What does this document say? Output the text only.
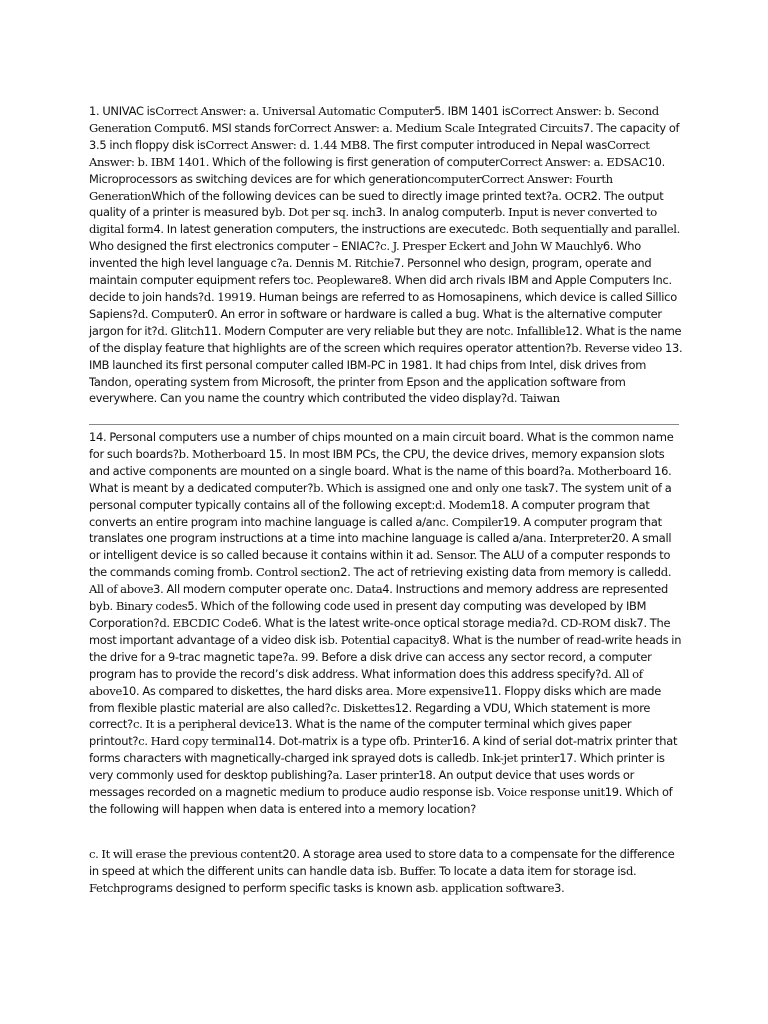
1. UNIVAC isCorrect Answer: a. Universal Automatic Computer5. IBM 1401 isCorrect Answer: b. Second Generation Comput6. MSI stands forCorrect Answer: a. Medium Scale Integrated Circuits7. The capacity of 3.5 inch floppy disk isCorrect Answer: d. 1.44 MB8. The first computer introduced in Nepal wasCorrect Answer: b. IBM 1401. Which of the following is first generation of computerCorrect Answer: a. EDSAC10. Microprocessors as switching devices are for which generationcomputerCorrect Answer: Fourth GenerationWhich of the following devices can be sued to directly image printed text?a. OCR2. The output quality of a printer is measured byb. Dot per sq. inch3. In analog computerb. Input is never converted to digital form4. In latest generation computers, the instructions are executedc. Both sequentially and parallel. Who designed the first electronics computer – ENIAC?c. J. Presper Eckert and John W Mauchly6. Who invented the high level language c?a. Dennis M. Ritchie7. Personnel who design, program, operate and maintain computer equipment refers toc. Peopleware8. When did arch rivals IBM and Apple Computers Inc. decide to join hands?d. 19919. Human beings are referred to as Homosapinens, which device is called Sillico Sapiens?d. Computer0. An error in software or hardware is called a bug. What is the alternative computer jargon for it?d. Glitch11. Modern Computer are very reliable but they are notc. Infallible12. What is the name of the display feature that highlights are of the screen which requires operator attention?b. Reverse video 13. IMB launched its first personal computer called IBM-PC in 1981. It had chips from Intel, disk drives from Tandon, operating system from Microsoft, the printer from Epson and the application software from everywhere. Can you name the country which contributed the video display?d. Taiwan
14. Personal computers use a number of chips mounted on a main circuit board. What is the common name for such boards?b. Motherboard 15. In most IBM PCs, the CPU, the device drives, memory expansion slots and active components are mounted on a single board. What is the name of this board?a. Motherboard 16. What is meant by a dedicated computer?b. Which is assigned one and only one task7. The system unit of a personal computer typically contains all of the following except:d. Modem18. A computer program that converts an entire program into machine language is called a/anc. Compiler19. A computer program that translates one program instructions at a time into machine language is called a/ana. Interpreter20. A small or intelligent device is so called because it contains within it ad. Sensor. The ALU of a computer responds to the commands coming fromb. Control section2. The act of retrieving existing data from memory is calledd. All of above3. All modern computer operate onc. Data4. Instructions and memory address are represented byb. Binary codes5. Which of the following code used in present day computing was developed by IBM Corporation?d. EBCDIC Code6. What is the latest write-once optical storage media?d. CD-ROM disk7. The most important advantage of a video disk isb. Potential capacity8. What is the number of read-write heads in the drive for a 9-trac magnetic tape?a. 99. Before a disk drive can access any sector record, a computer program has to provide the record’s disk address. What information does this address specify?d. All of above10. As compared to diskettes, the hard disks area. More expensive11. Floppy disks which are made from flexible plastic material are also called?c. Diskettes12. Regarding a VDU, Which statement is more correct?c. It is a peripheral device13. What is the name of the computer terminal which gives paper printout?c. Hard copy terminal14. Dot-matrix is a type ofb. Printer16. A kind of serial dot-matrix printer that forms characters with magnetically-charged ink sprayed dots is calledb. Ink-jet printer17. Which printer is very commonly used for desktop publishing?a. Laser printer18. An output device that uses words or messages recorded on a magnetic medium to produce audio response isb. Voice response unit19. Which of the following will happen when data is entered into a memory location?
c. It will erase the previous content20. A storage area used to store data to a compensate for the difference in speed at which the different units can handle data isb. Buffer. To locate a data item for storage isd. Fetchprograms designed to perform specific tasks is known asb. application software3.
